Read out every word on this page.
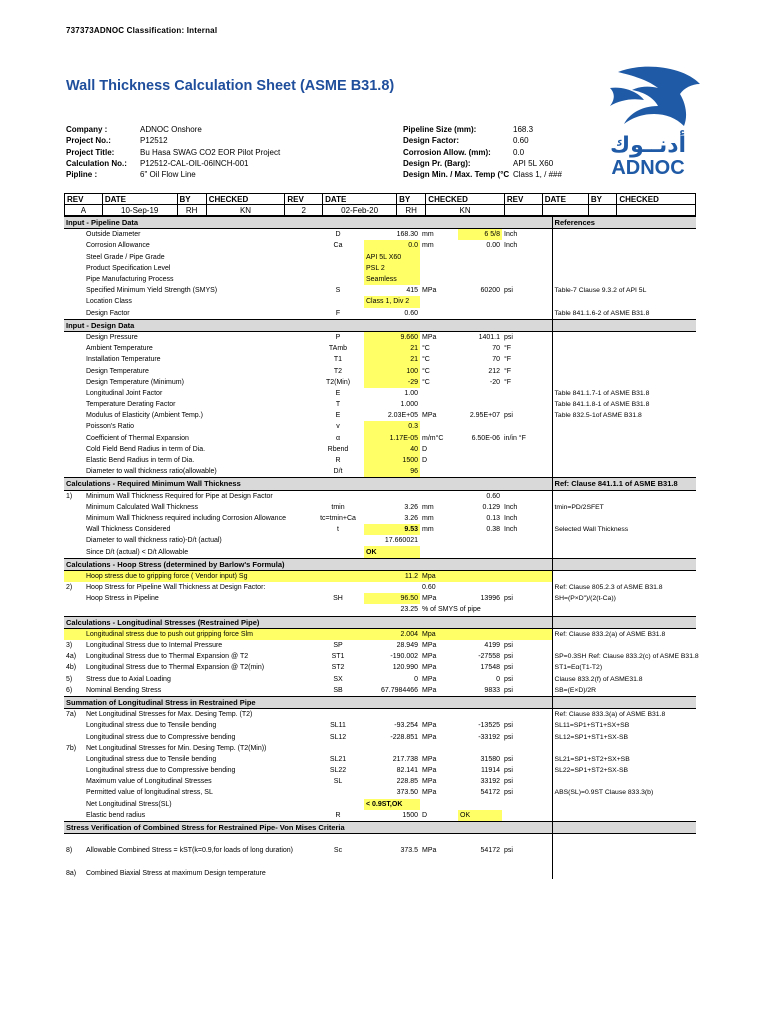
737373ADNOC Classification: Internal
Wall Thickness Calculation Sheet (ASME B31.8)
Company :	ADNOC Onshore
Project No.:	P12512
Project Title:	Bu Hasa SWAG CO2 EOR Pilot Project
Calculation No.: P12512-CAL-OIL-06INCH-001
Pipline :	6" Oil Flow Line
Pipeline Size (mm):	168.3
Design Factor:	0.60
Corrosion Allow. (mm):	0.0
Design Pr. (Barg):	API 5L X60
Design Min. / Max. Temp (°C Class 1, / ###
أدنــوك
ADNOC
REV	DATE	BY	CHECKED	REV	DATE	BY	CHECKED	REV	DATE	BY	CHECKED
A	10-Sep-19	RH	KN	2	02-Feb-20	RH	KN				
Input - Pipeline Data							References
	Outside Diameter	D	168.30	mm	6 5/8	Inch	
	Corrosion Allowance	Ca	0.0	mm	0.00	Inch	
	Steel Grade / Pipe Grade		API 5L X60				
	Product Specification Level		PSL 2				
	Pipe Manufacturing Process		Seamless				
	Specified Minimum Yield Strength (SMYS)	S	415	MPa	60200	psi	Table-7 Clause 9.3.2 of API 5L
	Location Class		Class 1, Div 2				
	Design Factor	F	0.60				Table 841.1.6-2 of ASME B31.8
Input - Design Data							
	Design Pressure	P	9.660	MPa	1401.1	psi	
	Ambient Temperature	TAmb	21	°C	70	°F	
	Installation Temperature	T1	21	°C	70	°F	
	Design Temperature	T2	100	°C	212	°F	
	Design Temperature (Minimum)	T2(Min)	-29	°C	-20	°F	
	Longitudinal Joint Factor	E	1.00				Table 841.1.7-1 of ASME B31.8
	Temperature Derating Factor	T	1.000				Table 841.1.8-1 of ASME B31.8
	Modulus of Elasticity (Ambient Temp.)	E	2.03E+05	MPa	2.95E+07	psi	Table 832.5-1of ASME B31.8
	Poisson's Ratio	v	0.3				
	Coefficient of Thermal Expansion	α	1.17E-05	m/m°C	6.50E-06	in/in °F	
	Cold Field Bend Radius in term of Dia.	Rbend	40	D			
	Elastic Bend Radius in term of Dia.	R	1500	D			
	Diameter to wall thickness ratio(allowable)	D/t	96				
Calculations - Required Minimum Wall Thickness							Ref: Clause 841.1.1 of ASME B31.8
1)	Minimum Wall Thickness Required for Pipe at Design Factor				0.60		
	Minimum Calculated Wall Thickness	tmin	3.26	mm	0.129	Inch	tmin=PD/2SFET
	Minimum Wall Thickness required including Corrosion Allowance	tc=tmin+Ca	3.26	mm	0.13	Inch	
	Wall Thickness Considered	t	9.53	mm	0.38	Inch	Selected Wall Thickness
	Diameter to wall thickness ratio)-D/t (actual)		17.660021				
	Since D/t (actual) < D/t Allowable		OK				
Calculations - Hoop Stress (determined by Barlow's Formula)							
	Hoop stress due to gripping force ( Vendor input) Sg		11.2	Mpa			
2)	Hoop Stress for Pipeline Wall Thickness at Design Factor:			0.60			Ref: Clause 805.2.3 of ASME B31.8
	Hoop Stress in Pipeline	SH	96.50	MPa	13996	psi	SH=(P×D")/(2(t-Ca))
			23.25	% of SMYS of pipe			
Calculations - Longitudinal Stresses (Restrained Pipe)							
	Longitudinal stress due to push out gripping force Slm		2.004	Mpa			Ref: Clause 833.2(a) of ASME B31.8
3)	Longitudinal Stress due to Internal Pressure	SP	28.949	MPa	4199	psi	
4a)	Longitudinal Stress due to Thermal Expansion @ T2	ST1	-190.002	MPa	-27558	psi	SP=0.3SH Ref: Clause 833.2(c) of ASME B31.8
4b)	Longitudinal Stress due to Thermal Expansion @ T2(min)	ST2	120.990	MPa	17548	psi	ST1=Eα(T1-T2)
5)	Stress due to Axial Loading	SX	0	MPa	0	psi	Clause 833.2(f) of ASME31.8
6)	Nominal Bending Stress	SB	67.7984466	MPa	9833	psi	SB=(E×D)/2R
Summation of Longitudinal Stress in Restrained Pipe							
7a)	Net Longitudinal Stresses for Max. Desing Temp. (T2)						Ref: Clause 833.3(a) of ASME B31.8
	Longitudinal stress due to Tensile bending	SL11	-93.254	MPa	-13525	psi	SL11=SP1+ST1+SX+SB
	Longitudinal stress due to Compressive bending	SL12	-228.851	MPa	-33192	psi	SL12=SP1+ST1+SX-SB
7b)	Net Longitudinal Stresses for Min. Desing Temp. (T2(Min))						
	Longitudinal stress due to Tensile bending	SL21	217.738	MPa	31580	psi	SL21=SP1+ST2+SX+SB
	Longitudinal stress due to Compressive bending	SL22	82.141	MPa	11914	psi	SL22=SP1+ST2+SX-SB
	Maximum value of Longitudinal Stresses	SL	228.85	MPa	33192	psi	
	Permitted value of longitudinal stress, SL		373.50	MPa	54172	psi	ABS(SL)=0.9ST Clause 833.3(b)
	Net Longitudinal Stress(SL)		< 0.9ST,OK				
	Elastic bend radius	R	1500	D	OK		
Stress Verification of Combined Stress for Restrained Pipe- Von Mises Criteria							

8)	Allowable Combined Stress = kST(k=0.9,for loads of long duration)	Sc	373.5	MPa	54172	psi	

8a)	Combined Biaxial Stress at maximum Design temperature						
